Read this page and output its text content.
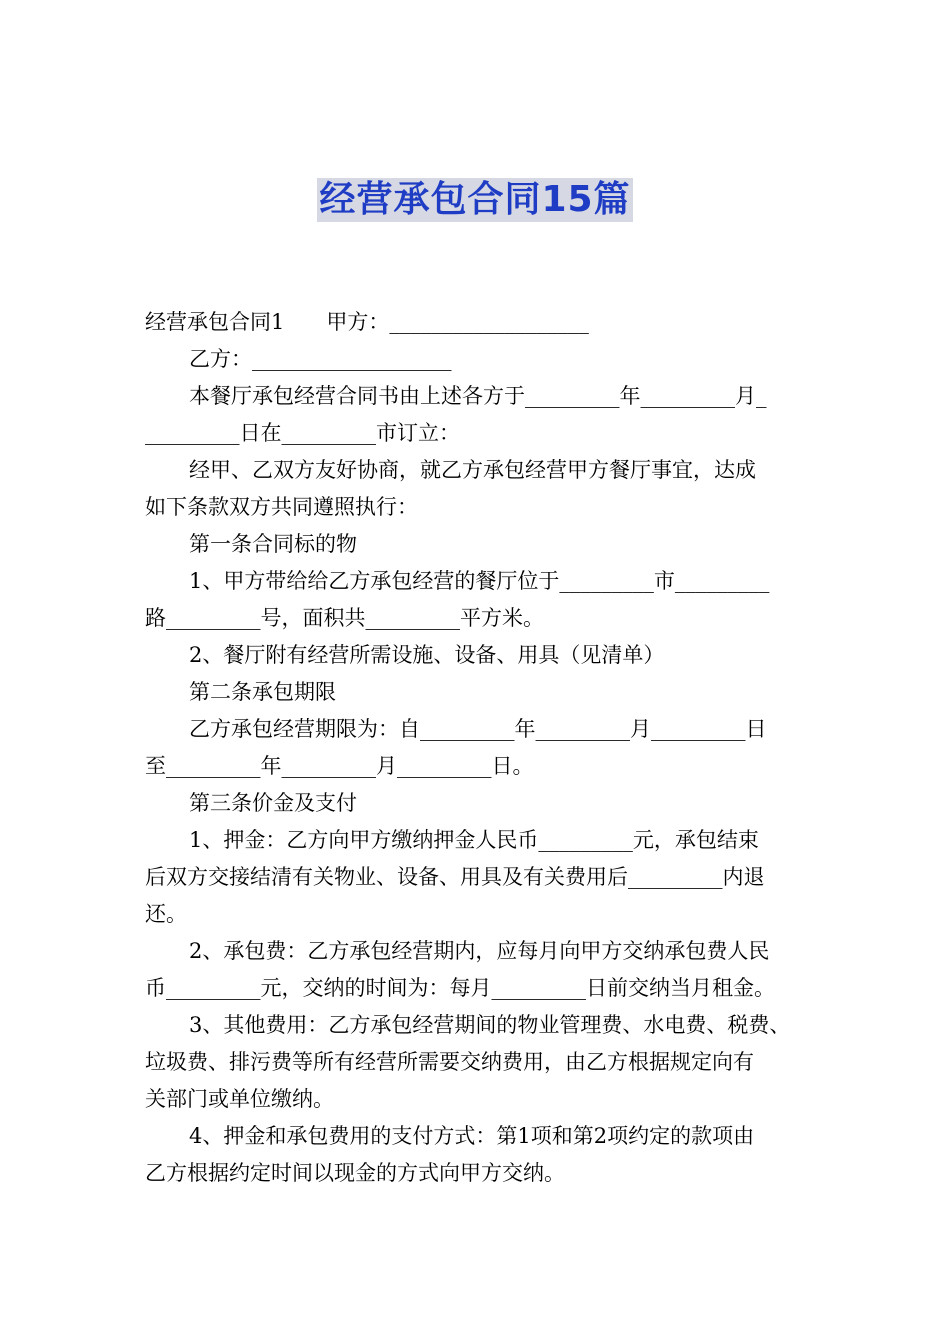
经营承包合同15篇
经营承包合同1　　甲方：___________________
乙方：___________________
本餐厅承包经营合同书由上述各方于_________年_________月_
_________日在_________市订立：
经甲、乙双方友好协商，就乙方承包经营甲方餐厅事宜，达成
如下条款双方共同遵照执行：
第一条合同标的物
1、甲方带给给乙方承包经营的餐厅位于_________市_________
路_________号，面积共_________平方米。
2、餐厅附有经营所需设施、设备、用具（见清单）
第二条承包期限
乙方承包经营期限为：自_________年_________月_________日
至_________年_________月_________日。
第三条价金及支付
1、押金：乙方向甲方缴纳押金人民币_________元，承包结束
后双方交接结清有关物业、设备、用具及有关费用后_________内退
还。
2、承包费：乙方承包经营期内，应每月向甲方交纳承包费人民
币_________元，交纳的时间为：每月_________日前交纳当月租金。
3、其他费用：乙方承包经营期间的物业管理费、水电费、税费、
垃圾费、排污费等所有经营所需要交纳费用，由乙方根据规定向有
关部门或单位缴纳。
4、押金和承包费用的支付方式：第1项和第2项约定的款项由
乙方根据约定时间以现金的方式向甲方交纳。
